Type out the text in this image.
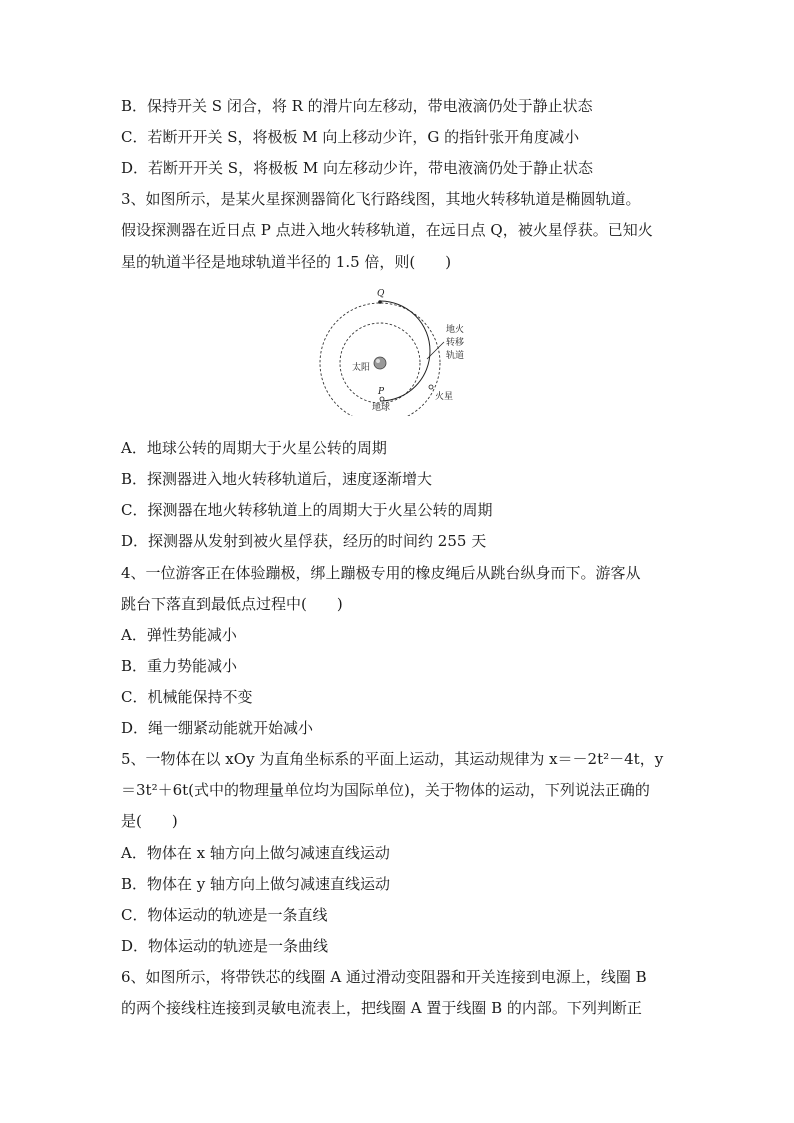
B．保持开关 S 闭合，将 R 的滑片向左移动，带电液滴仍处于静止状态
C．若断开开关 S，将极板 M 向上移动少许，G 的指针张开角度减小
D．若断开开关 S，将极板 M 向左移动少许，带电液滴仍处于静止状态
3、如图所示，是某火星探测器简化飞行路线图，其地火转移轨道是椭圆轨道。
假设探测器在近日点 P 点进入地火转移轨道，在远日点 Q，被火星俘获。已知火
星的轨道半径是地球轨道半径的 1.5 倍，则(　　)
Q
P
太阳
地球
火星
地火
转移
轨道
A．地球公转的周期大于火星公转的周期
B．探测器进入地火转移轨道后，速度逐渐增大
C．探测器在地火转移轨道上的周期大于火星公转的周期
D．探测器从发射到被火星俘获，经历的时间约 255 天
4、一位游客正在体验蹦极，绑上蹦极专用的橡皮绳后从跳台纵身而下。游客从
跳台下落直到最低点过程中(　　)
A．弹性势能减小
B．重力势能减小
C．机械能保持不变
D．绳一绷紧动能就开始减小
5、一物体在以 xOy 为直角坐标系的平面上运动，其运动规律为 x＝－2t²－4t，y
＝3t²＋6t(式中的物理量单位均为国际单位)，关于物体的运动，下列说法正确的
是(　　)
A．物体在 x 轴方向上做匀减速直线运动
B．物体在 y 轴方向上做匀减速直线运动
C．物体运动的轨迹是一条直线
D．物体运动的轨迹是一条曲线
6、如图所示，将带铁芯的线圈 A 通过滑动变阻器和开关连接到电源上，线圈 B
的两个接线柱连接到灵敏电流表上，把线圈 A 置于线圈 B 的内部。下列判断正
